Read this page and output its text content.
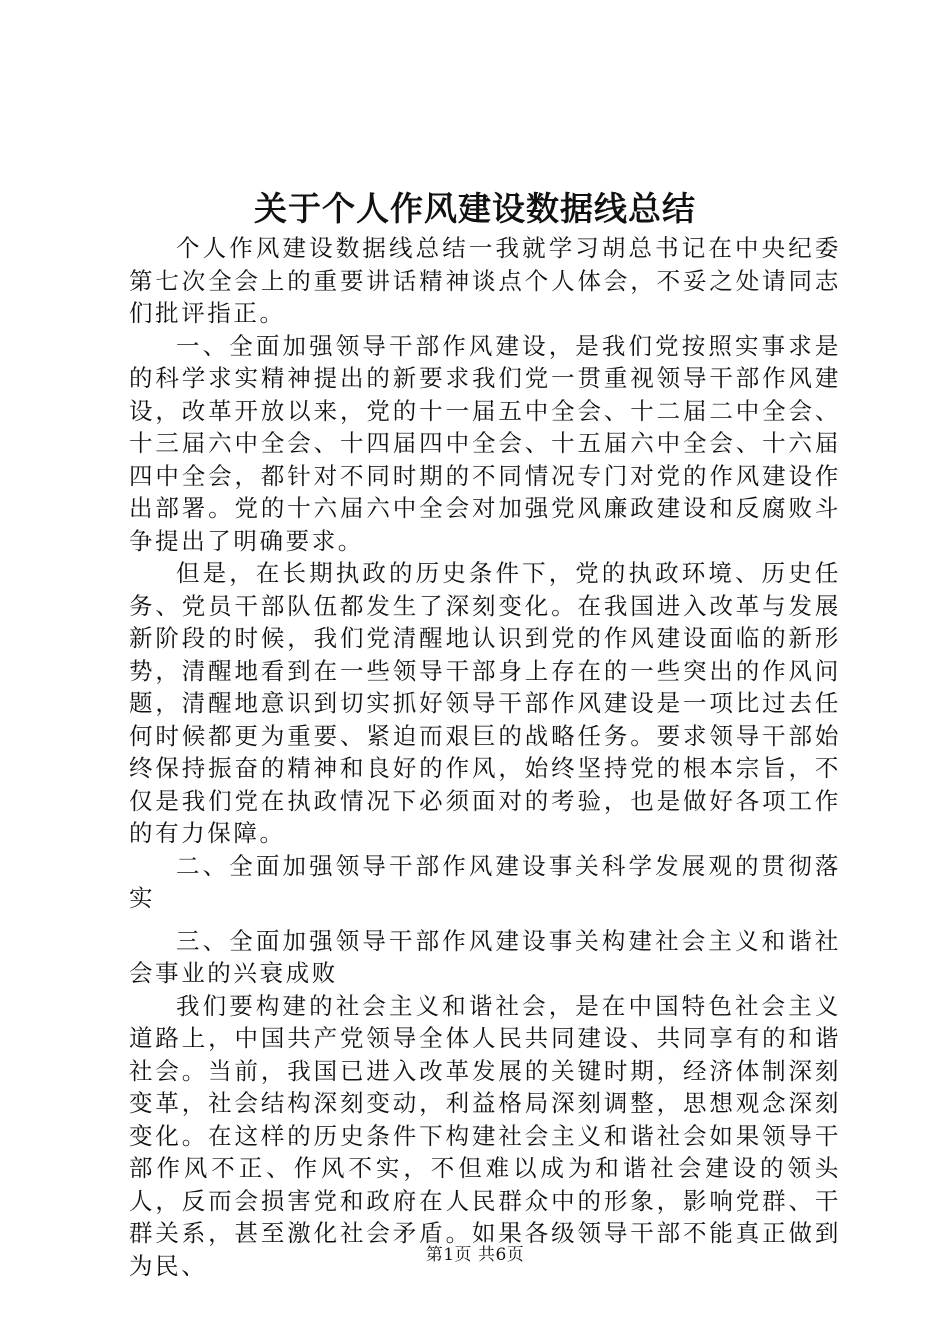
关于个人作风建设数据线总结

个人作风建设数据线总结一我就学习胡总书记在中央纪委第七次全会上的重要讲话精神谈点个人体会，不妥之处请同志们批评指正。

一、全面加强领导干部作风建设，是我们党按照实事求是的科学求实精神提出的新要求我们党一贯重视领导干部作风建设，改革开放以来，党的十一届五中全会、十二届二中全会、十三届六中全会、十四届四中全会、十五届六中全会、十六届四中全会，都针对不同时期的不同情况专门对党的作风建设作出部署。党的十六届六中全会对加强党风廉政建设和反腐败斗争提出了明确要求。

但是，在长期执政的历史条件下，党的执政环境、历史任务、党员干部队伍都发生了深刻变化。在我国进入改革与发展新阶段的时候，我们党清醒地认识到党的作风建设面临的新形势，清醒地看到在一些领导干部身上存在的一些突出的作风问题，清醒地意识到切实抓好领导干部作风建设是一项比过去任何时候都更为重要、紧迫而艰巨的战略任务。要求领导干部始终保持振奋的精神和良好的作风，始终坚持党的根本宗旨，不仅是我们党在执政情况下必须面对的考验，也是做好各项工作的有力保障。

二、全面加强领导干部作风建设事关科学发展观的贯彻落实

三、全面加强领导干部作风建设事关构建社会主义和谐社会事业的兴衰成败

我们要构建的社会主义和谐社会，是在中国特色社会主义道路上，中国共产党领导全体人民共同建设、共同享有的和谐社会。当前，我国已进入改革发展的关键时期，经济体制深刻变革，社会结构深刻变动，利益格局深刻调整，思想观念深刻变化。在这样的历史条件下构建社会主义和谐社会如果领导干部作风不正、作风不实，不但难以成为和谐社会建设的领头人，反而会损害党和政府在人民群众中的形象，影响党群、干群关系，甚至激化社会矛盾。如果各级领导干部不能真正做到为民、	第1页 共6页
